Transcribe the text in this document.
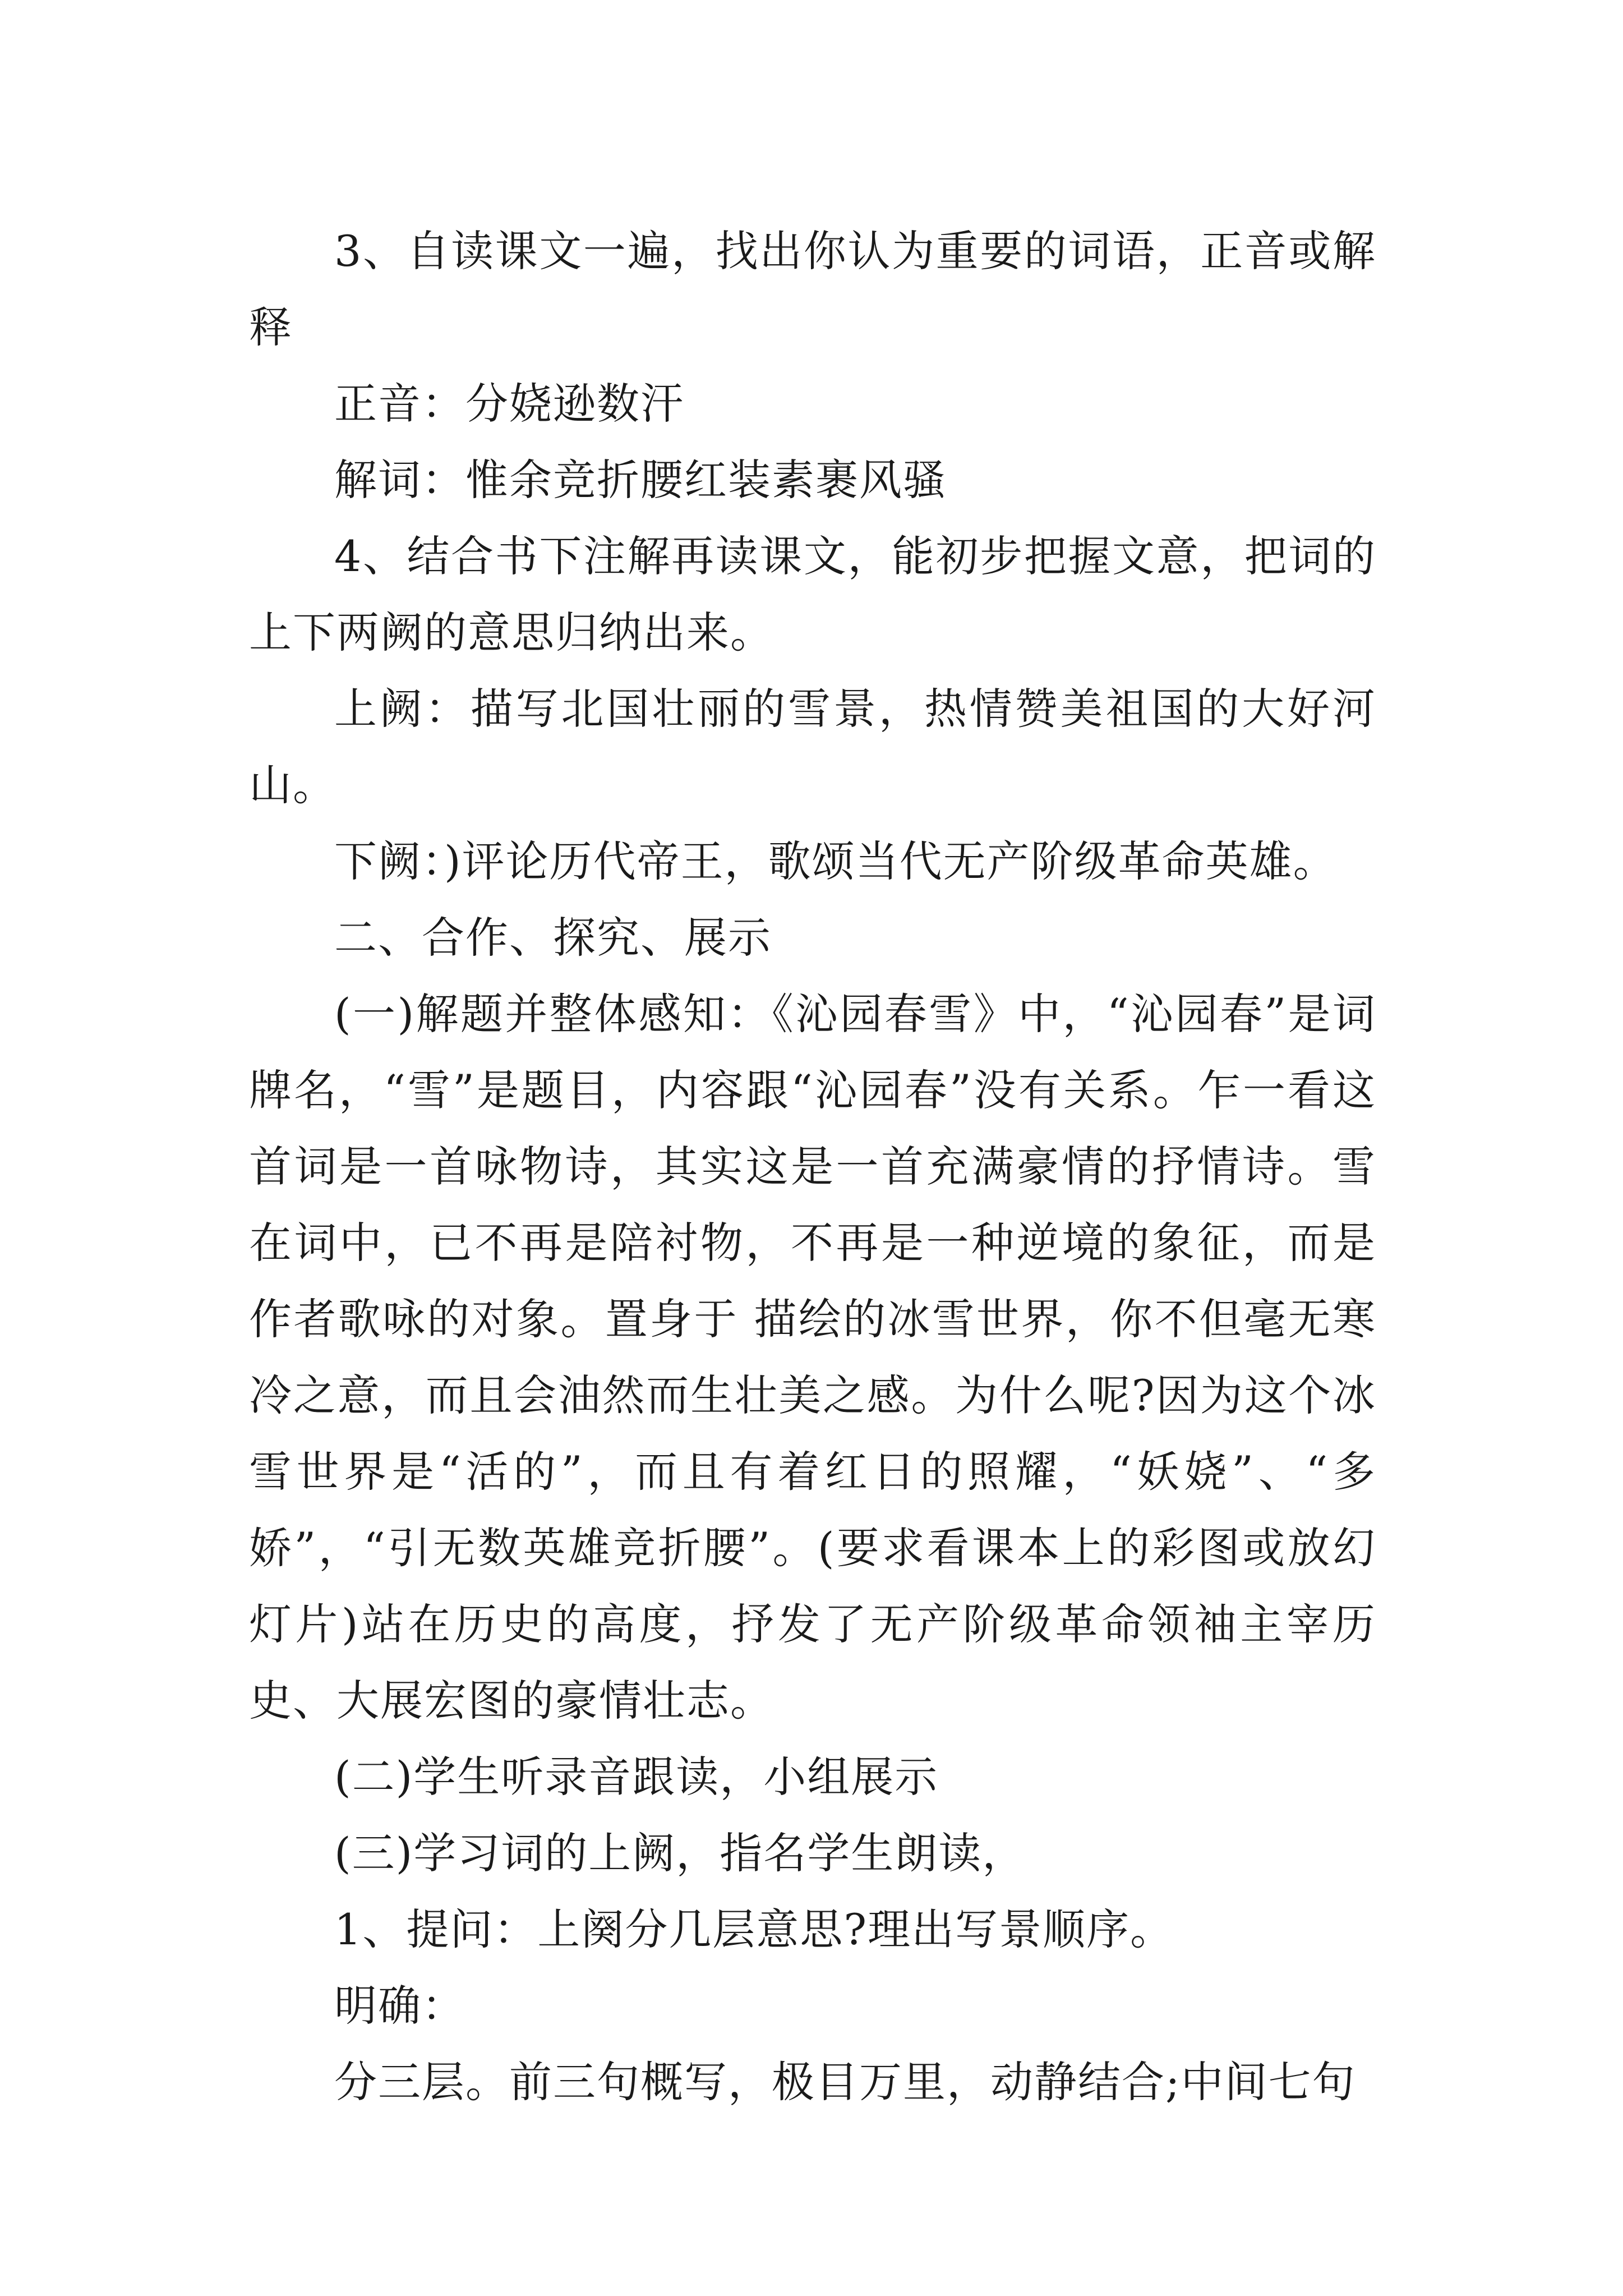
3、自读课文一遍，找出你认为重要的词语，正音或解释

正音：分娆逊数汗

解词：惟余竞折腰红装素裹风骚

4、结合书下注解再读课文，能初步把握文意，把词的上下两阙的意思归纳出来。

上阙：描写北国壮丽的雪景，热情赞美祖国的大好河山。

下阙：)评论历代帝王，歌颂当代无产阶级革命英雄。

二、合作、探究、展示

(一)解题并整体感知：《沁园春雪》中，“沁园春”是词牌名，“雪”是题目，内容跟“沁园春”没有关系。乍一看这首词是一首咏物诗，其实这是一首充满豪情的抒情诗。雪在词中，已不再是陪衬物，不再是一种逆境的象征，而是作者歌咏的对象。置身于 描绘的冰雪世界，你不但毫无寒冷之意，而且会油然而生壮美之感。为什么呢?因为这个冰雪世界是“活的”，而且有着红日的照耀，“妖娆”、“多娇”，“引无数英雄竞折腰”。(要求看课本上的彩图或放幻灯片)站在历史的高度，抒发了无产阶级革命领袖主宰历史、大展宏图的豪情壮志。

(二)学生听录音跟读，小组展示

(三)学习词的上阙，指名学生朗读，

1、提问：上阕分几层意思?理出写景顺序。

明确：

分三层。前三句概写，极目万里，动静结合;中间七句
